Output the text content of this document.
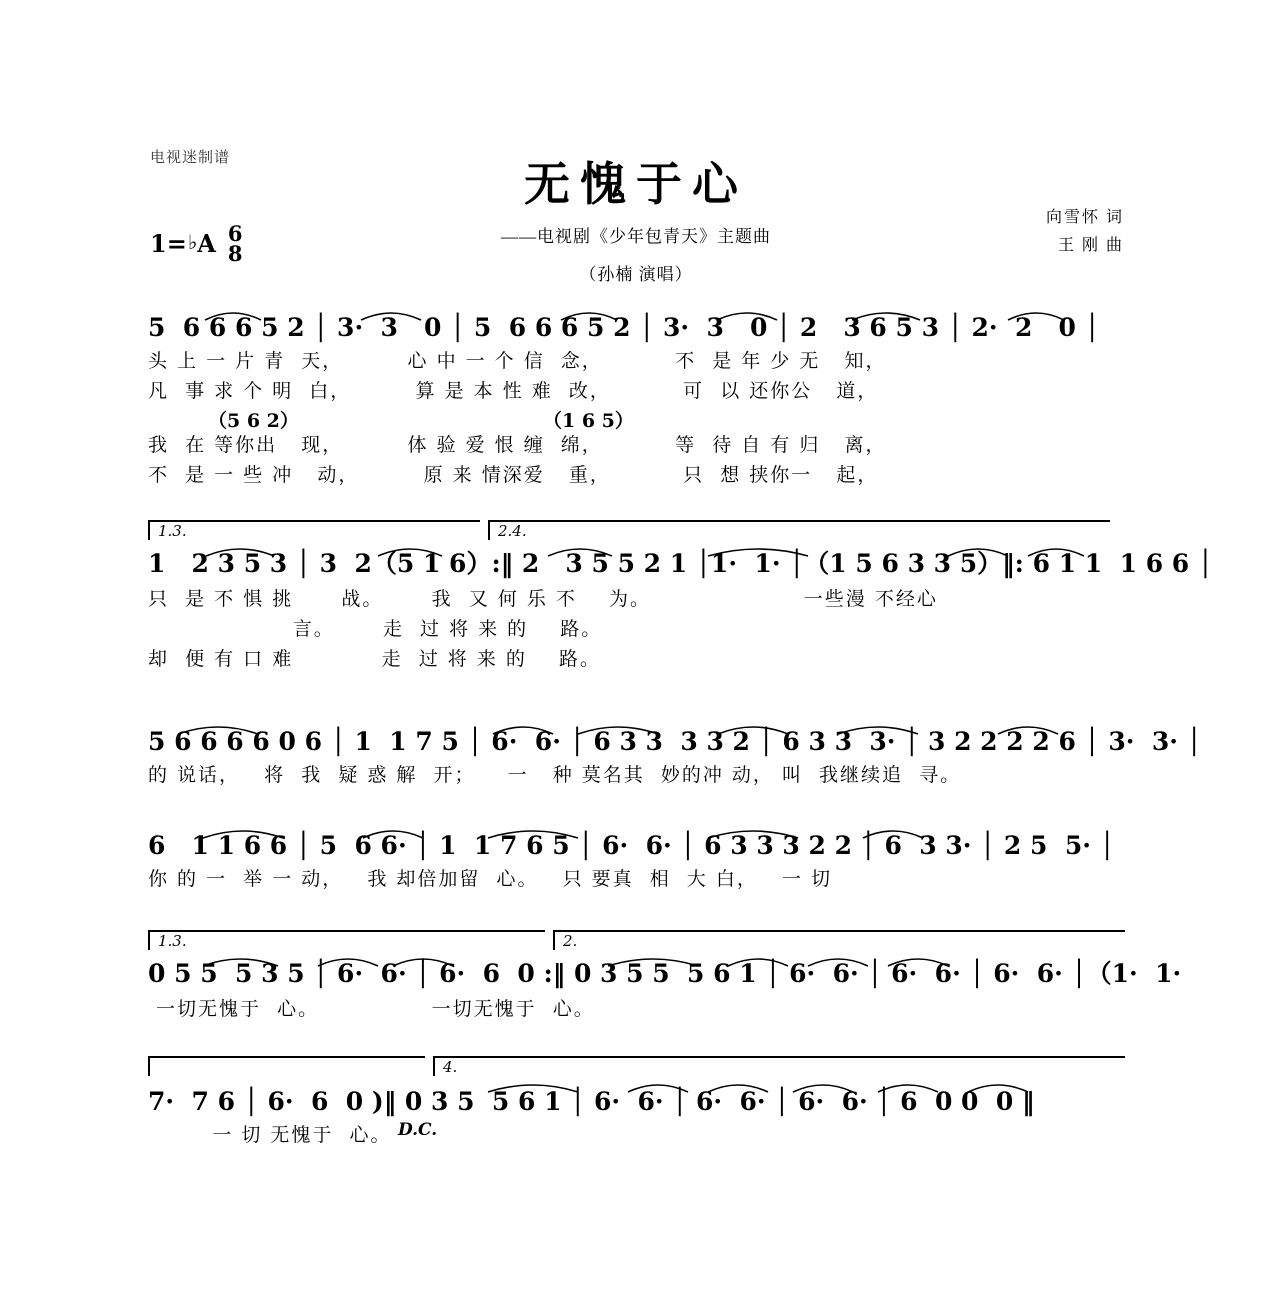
电视迷制谱	无愧于心
——电视剧《少年包青天》主题曲
（孙楠 演唱）
向雪怀 词
王 刚 曲
1= ♭ A 6
8
5  6 6 6 5 2 │ 3·  3   0 │ 5  6 6 6 5 2 │ 3·  3   0 │ 2   3 6 5 3 │ 2·  2   0 │
头 上 一 片 青  天，        心 中 一 个 信  念，         不  是 年 少 无   知，
凡  事 求 个 明  白，        算 是 本 性 难  改，         可  以 还你公   道，
（5 6 2）	（1 6 5）
我  在 等你出   现，        体 验 爱 恨 缠  绵，         等  待 自 有 归   离，
不  是 一 些 冲   动，        原 来 情深爱   重，         只  想 挟你一   起，
1.3.	2.4.
1   2 3 5 3 │ 3  2（5 1 6）:‖ 2   3 5 5 2 1 │1·  1· │（1 5 6 3 3 5）‖: 6 1 1  1 6 6 │
只  是 不 惧 挑      战。      我  又 何 乐 不    为。                   一些漫 不经心
言。      走  过 将 来 的    路。
却  便 有 口 难           走  过 将 来 的    路。
5 6 6 6 6 0 6 │ 1  1 7 5 │ 6·  6· │ 6 3 3  3 3 2 │ 6 3 3  3· │ 3 2 2 2 2 6 │ 3·  3· │
的 说话，   将  我  疑 惑 解  开；    一   种 莫名其  妙的冲 动， 叫  我继续追  寻。
6   1 1 6 6 │ 5  6 6· │ 1  1 7 6 5 │ 6·  6· │ 6 3 3 3 2 2 │ 6  3 3· │ 2 5  5· │
你 的 一  举 一 动，   我 却倍加留  心。   只 要真  相  大 白，   一 切
1.3.	2.
0 5 5  5 3 5 │ 6·  6· │ 6·  6  0 :‖ 0 3 5 5  5 6 1 │ 6·  6· │ 6·  6· │ 6·  6· │（1·  1·
一切无愧于  心。              一切无愧于  心。
4.
7·  7 6 │ 6·  6  0 )‖ 0 3 5  5 6 1 │ 6·  6· │ 6·  6· │ 6·  6· │ 6  0 0  0 ‖
D.C.
一 切 无愧于  心。
